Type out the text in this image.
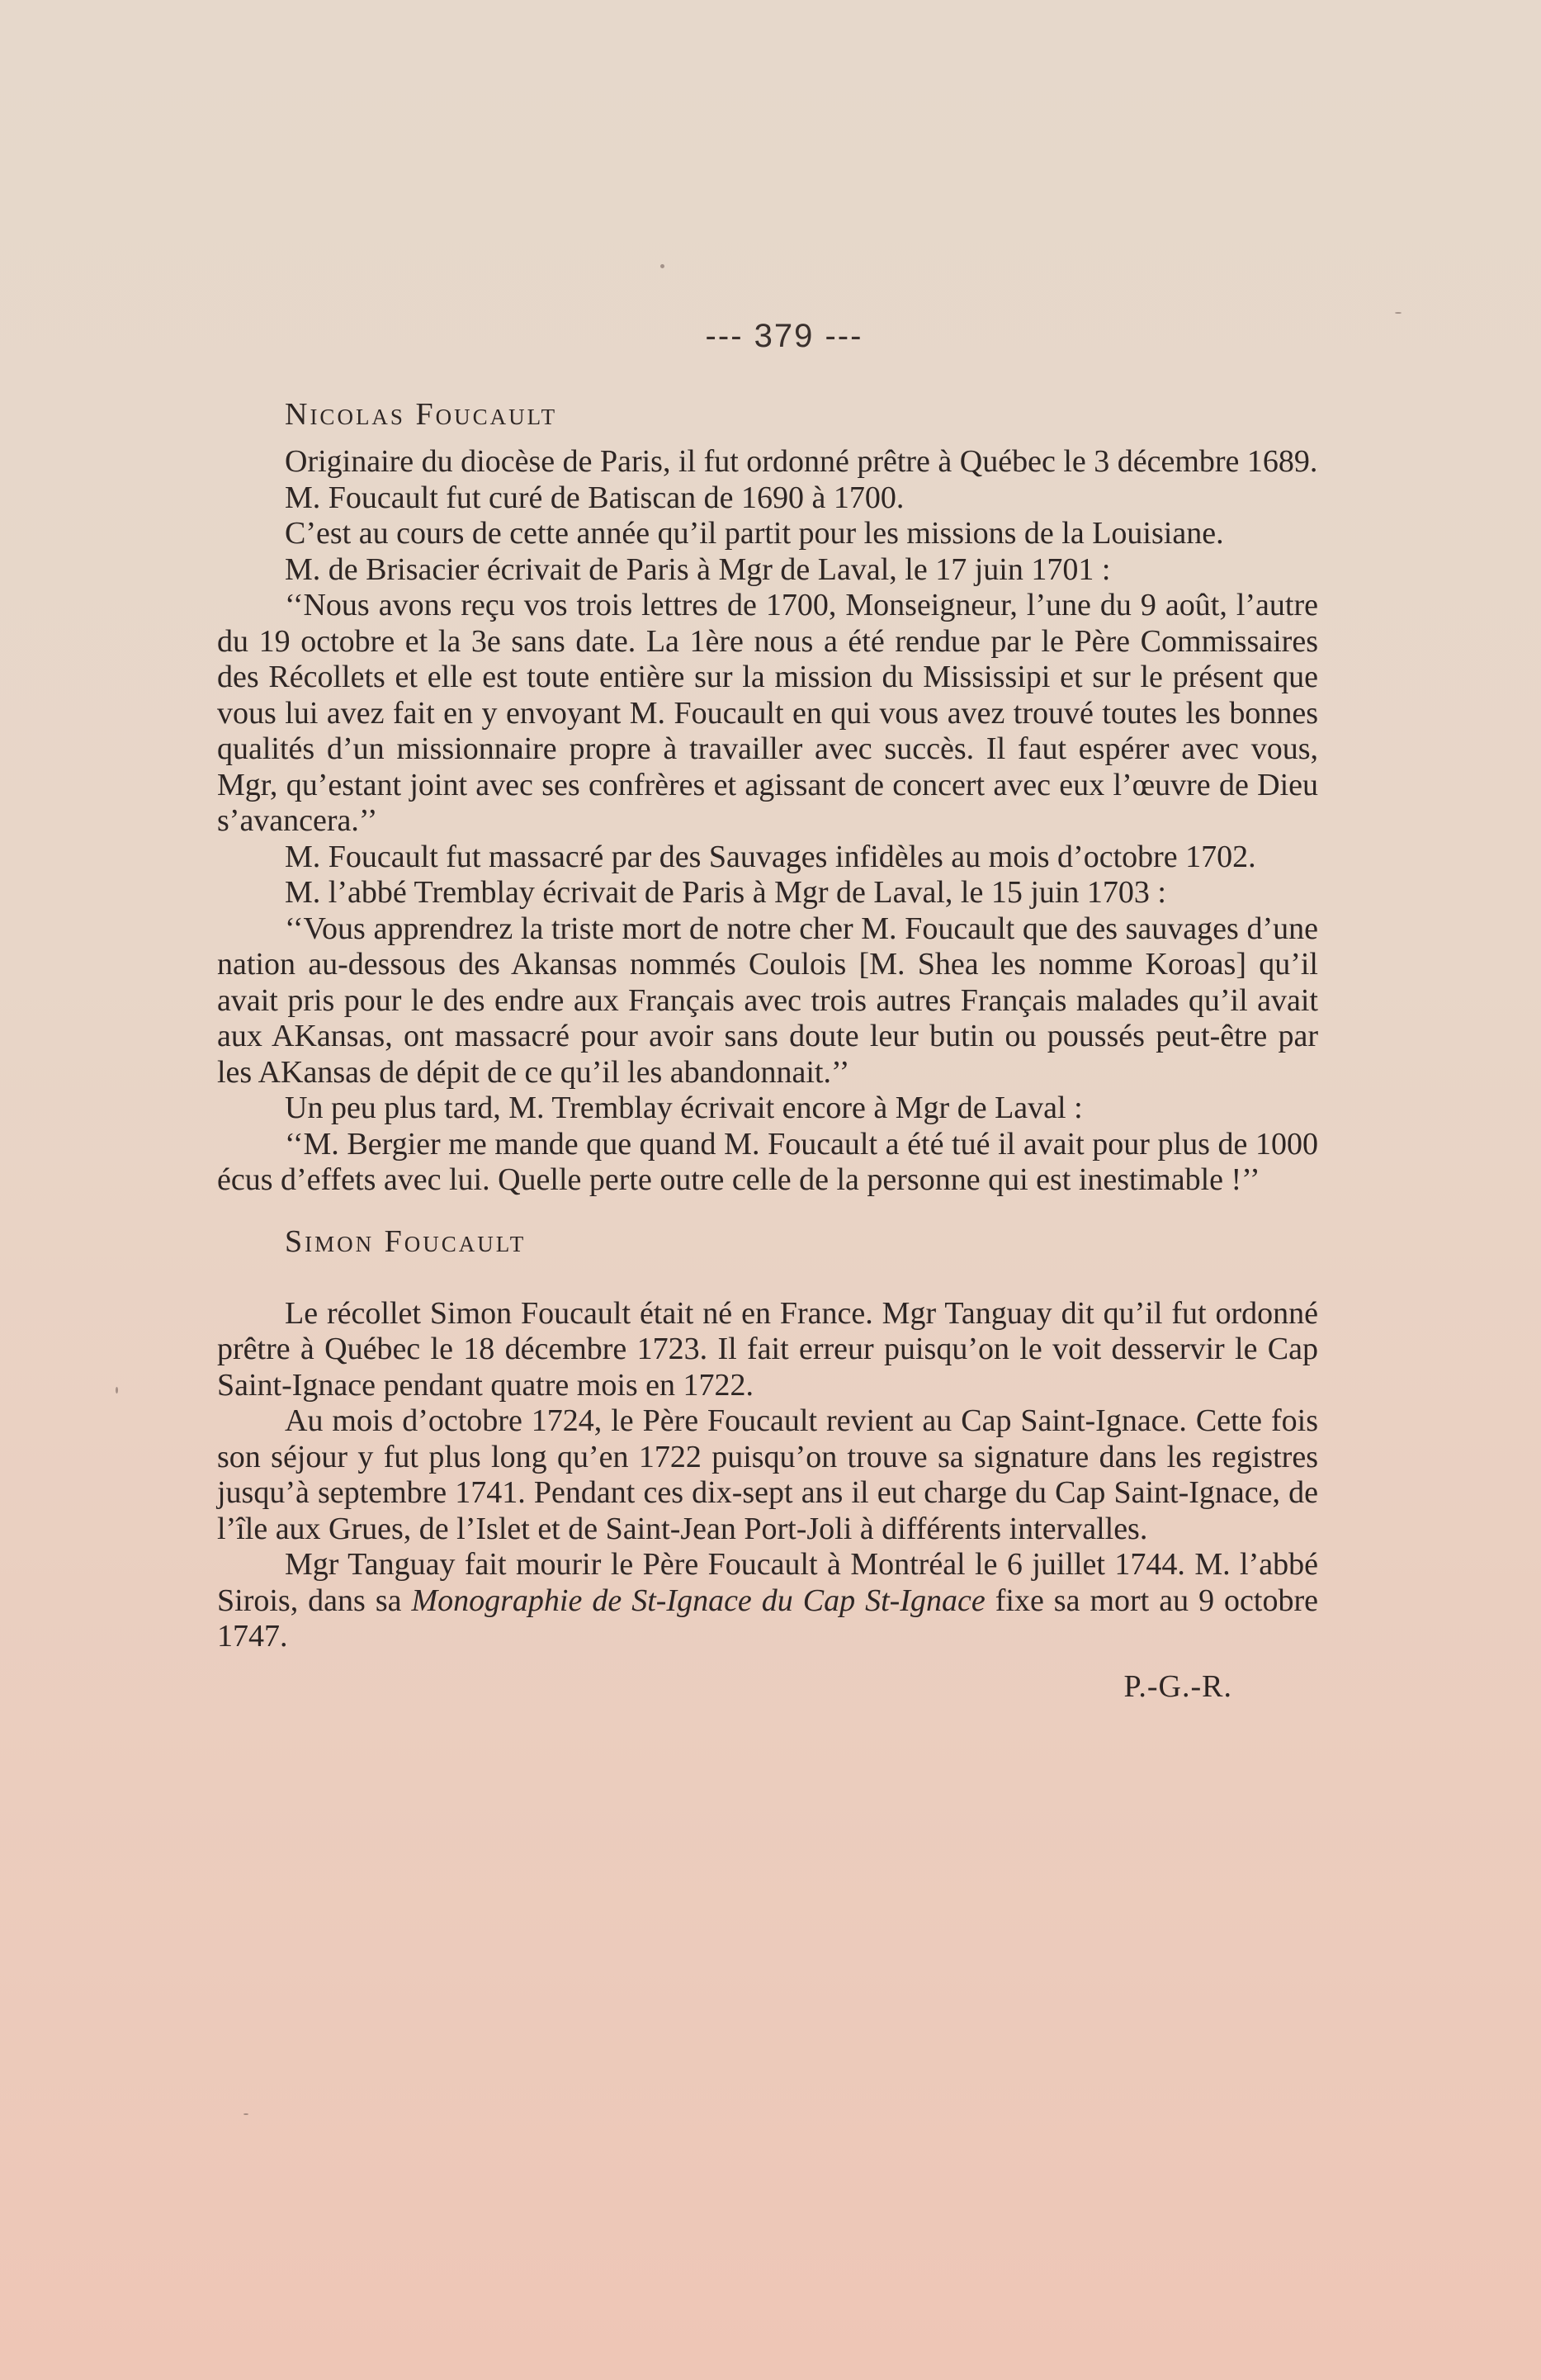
--- 379 ---
Nicolas Foucault

Originaire du diocèse de Paris, il fut ordonné prêtre à Québec le 3 décembre 1689.

M. Foucault fut curé de Batiscan de 1690 à 1700.

C’est au cours de cette année qu’il partit pour les missions de la Louisiane.

M. de Brisacier écrivait de Paris à Mgr de Laval, le 17 juin 1701 :

‘‘Nous avons reçu vos trois lettres de 1700, Monseigneur, l’une du 9 août, l’autre du 19 octobre et la 3e sans date. La 1ère nous a été rendue par le Père Commissaires des Récollets et elle est toute entière sur la mission du Mississipi et sur le présent que vous lui avez fait en y envoyant M. Foucault en qui vous avez trouvé toutes les bonnes qualités d’un missionnaire propre à travailler avec succès. Il faut espérer avec vous, Mgr, qu’estant joint avec ses confrères et agissant de concert avec eux l’œuvre de Dieu s’avancera.’’

M. Foucault fut massacré par des Sauvages infidèles au mois d’octobre 1702.

M. l’abbé Tremblay écrivait de Paris à Mgr de Laval, le 15 juin 1703 :

‘‘Vous apprendrez la triste mort de notre cher M. Foucault que des sauvages d’une nation au-dessous des Akansas nommés Coulois [M. Shea les nomme Koroas] qu’il avait pris pour le des endre aux Français avec trois autres Français malades qu’il avait aux AKansas, ont massacré pour avoir sans doute leur butin ou poussés peut-être par les AKansas de dépit de ce qu’il les abandonnait.’’

Un peu plus tard, M. Tremblay écrivait encore à Mgr de Laval :

‘‘M. Bergier me mande que quand M. Foucault a été tué il avait pour plus de 1000 écus d’effets avec lui. Quelle perte outre celle de la personne qui est inestimable !’’

Simon Foucault

Le récollet Simon Foucault était né en France. Mgr Tanguay dit qu’il fut ordonné prêtre à Québec le 18 décembre 1723. Il fait erreur puisqu’on le voit desservir le Cap Saint-Ignace pendant quatre mois en 1722.

Au mois d’octobre 1724, le Père Foucault revient au Cap Saint-Ignace. Cette fois son séjour y fut plus long qu’en 1722 puisqu’on trouve sa signature dans les registres jusqu’à septembre 1741. Pendant ces dix-sept ans il eut charge du Cap Saint-Ignace, de l’île aux Grues, de l’Islet et de Saint-Jean Port-Joli à différents intervalles.

Mgr Tanguay fait mourir le Père Foucault à Montréal le 6 juillet 1744. M. l’abbé Sirois, dans sa Monographie de St-Ignace du Cap St-Ignace fixe sa mort au 9 octobre 1747.

P.-G.-R.
